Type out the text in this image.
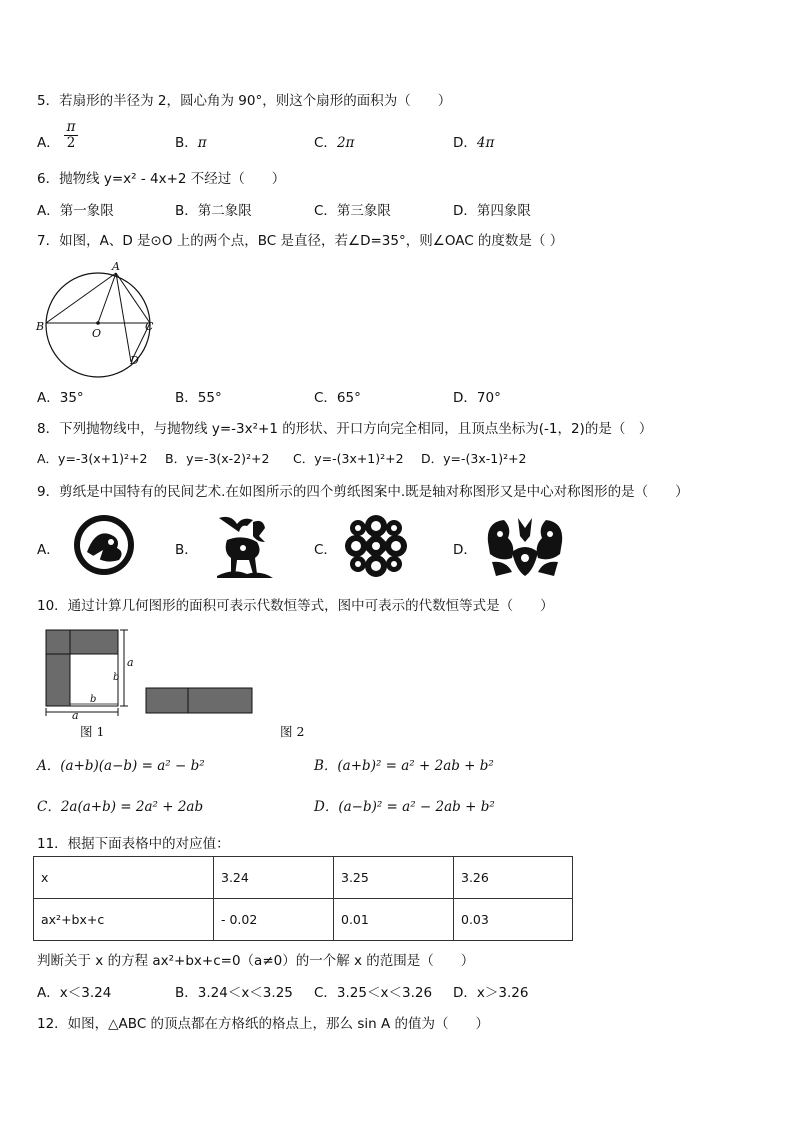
5．若扇形的半径为 2，圆心角为 90°，则这个扇形的面积为（　　）
A． $\frac{\pi}{2}$	B．π	C．2π	D．4π
6．抛物线 y=x² - 4x+2 不经过（　　）
A．第一象限	B．第二象限	C．第三象限	D．第四象限
7．如图，A、D 是⊙O 上的两个点，BC 是直径，若∠D=35°，则∠OAC 的度数是（ ）
A
B
O
C
D
A．35°	B．55°	C．65°	D．70°
8．下列抛物线中，与抛物线 y=-3x²+1 的形状、开口方向完全相同，且顶点坐标为(-1，2)的是（　）
A．y=-3(x+1)²+2 B．y=-3(x-2)²+2 C．y=-(3x+1)²+2 D．y=-(3x-1)²+2
9．剪纸是中国特有的民间艺术.在如图所示的四个剪纸图案中.既是轴对称图形又是中心对称图形的是（　　）
A．	B．	C．	D．
10．通过计算几何图形的面积可表示代数恒等式，图中可表示的代数恒等式是（　　）
a
b
a
b
图 1	图 2
A．(a+b)(a−b) = a² − b²	B．(a+b)² = a² + 2ab + b²
C．2a(a+b) = 2a² + 2ab	D．(a−b)² = a² − 2ab + b²
11．根据下面表格中的对应值：
x	3.24	3.25	3.26
ax²+bx+c	- 0.02	0.01	0.03
判断关于 x 的方程 ax²+bx+c=0（a≠0）的一个解 x 的范围是（　　）
A．x＜3.24	B．3.24＜x＜3.25 C．3.25＜x＜3.26 D．x＞3.26
12．如图，△ABC 的顶点都在方格纸的格点上，那么 sin A 的值为（　　）
